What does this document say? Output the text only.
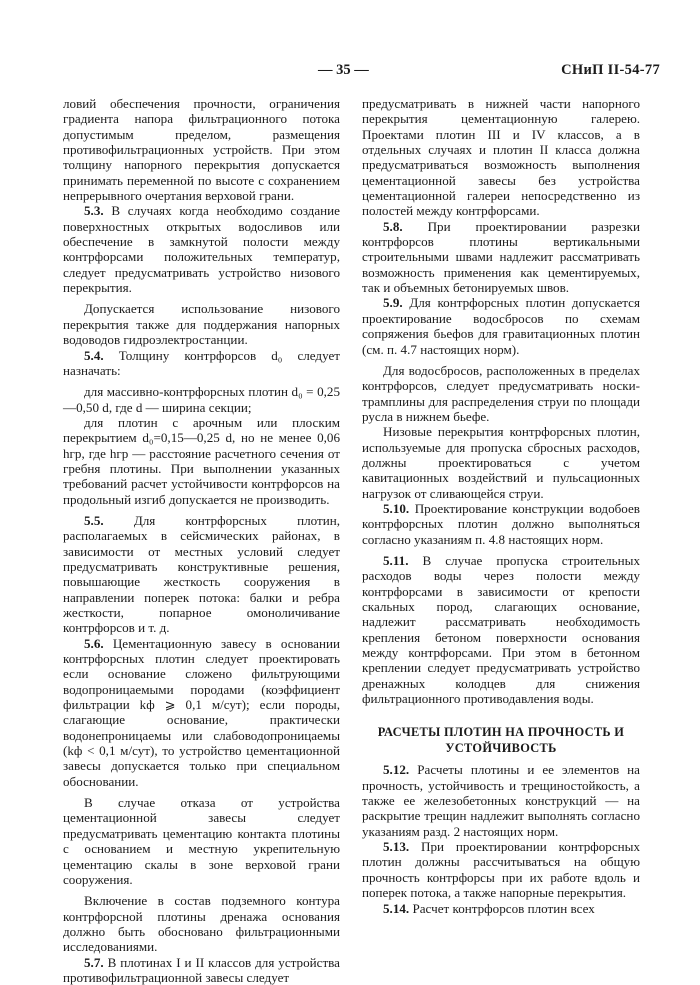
— 35 —	СНиП II-54-77

ловий обеспечения прочности, ограничения градиента напора фильтрационного потока допустимым пределом, размещения противофильтрационных устройств. При этом толщину напорного перекрытия допускается принимать переменной по высоте с сохранением непрерывного очертания верховой грани.

5.3. В случаях когда необходимо создание поверхностных открытых водосливов или обеспечение в замкнутой полости между контрфорсами положительных температур, следует предусматривать устройство низового перекрытия.

Допускается использование низового перекрытия также для поддержания напорных водоводов гидроэлектростанции.

5.4. Толщину контрфорсов d₀ следует назначать:

для массивно-контрфорсных плотин d₀ = 0,25—0,50 d, где d — ширина секции;

для плотин с арочным или плоским перекрытием d₀=0,15—0,25 d, но не менее 0,06 hгр, где hгр — расстояние расчетного сечения от гребня плотины. При выполнении указанных требований расчет устойчивости контрфорсов на продольный изгиб допускается не производить.

5.5. Для контрфорсных плотин, располагаемых в сейсмических районах, в зависимости от местных условий следует предусматривать конструктивные решения, повышающие жесткость сооружения в направлении поперек потока: балки и ребра жесткости, попарное омоноличивание контрфорсов и т. д.

5.6. Цементационную завесу в основании контрфорсных плотин следует проектировать если основание сложено фильтрующими водопроницаемыми породами (коэффициент фильтрации kф ⩾ 0,1 м/сут); если породы, слагающие основание, практически водонепроницаемы или слабоводопроницаемы (kф < 0,1 м/сут), то устройство цементационной завесы допускается только при специальном обосновании.

В случае отказа от устройства цементационной завесы следует предусматривать цементацию контакта плотины с основанием и местную укрепительную цементацию скалы в зоне верховой грани сооружения.

Включение в состав подземного контура контрфорсной плотины дренажа основания должно быть обосновано фильтрационными исследованиями.

5.7. В плотинах I и II классов для устройства противофильтрационной завесы следует

предусматривать в нижней части напорного перекрытия цементационную галерею. Проектами плотин III и IV классов, а в отдельных случаях и плотин II класса должна предусматриваться возможность выполнения цементационной завесы без устройства цементационной галереи непосредственно из полостей между контрфорсами.

5.8. При проектировании разрезки контрфорсов плотины вертикальными строительными швами надлежит рассматривать возможность применения как цементируемых, так и объемных бетонируемых швов.

5.9. Для контрфорсных плотин допускается проектирование водосбросов по схемам сопряжения бьефов для гравитационных плотин (см. п. 4.7 настоящих норм).

Для водосбросов, расположенных в пределах контрфорсов, следует предусматривать носки-трамплины для распределения струи по площади русла в нижнем бьефе.

Низовые перекрытия контрфорсных плотин, используемые для пропуска сбросных расходов, должны проектироваться с учетом кавитационных воздействий и пульсационных нагрузок от сливающейся струи.

5.10. Проектирование конструкции водобоев контрфорсных плотин должно выполняться согласно указаниям п. 4.8 настоящих норм.

5.11. В случае пропуска строительных расходов воды через полости между контрфорсами в зависимости от крепости скальных пород, слагающих основание, надлежит рассматривать необходимость крепления бетоном поверхности основания между контрфорсами. При этом в бетонном креплении следует предусматривать устройство дренажных колодцев для снижения фильтрационного противодавления воды.

РАСЧЕТЫ ПЛОТИН НА ПРОЧНОСТЬ И УСТОЙЧИВОСТЬ

5.12. Расчеты плотины и ее элементов на прочность, устойчивость и трещиностойкость, а также ее железобетонных конструкций — на раскрытие трещин надлежит выполнять согласно указаниям разд. 2 настоящих норм.

5.13. При проектировании контрфорсных плотин должны рассчитываться на общую прочность контрфорсы при их работе вдоль и поперек потока, а также напорные перекрытия.

5.14. Расчет контрфорсов плотин всех
